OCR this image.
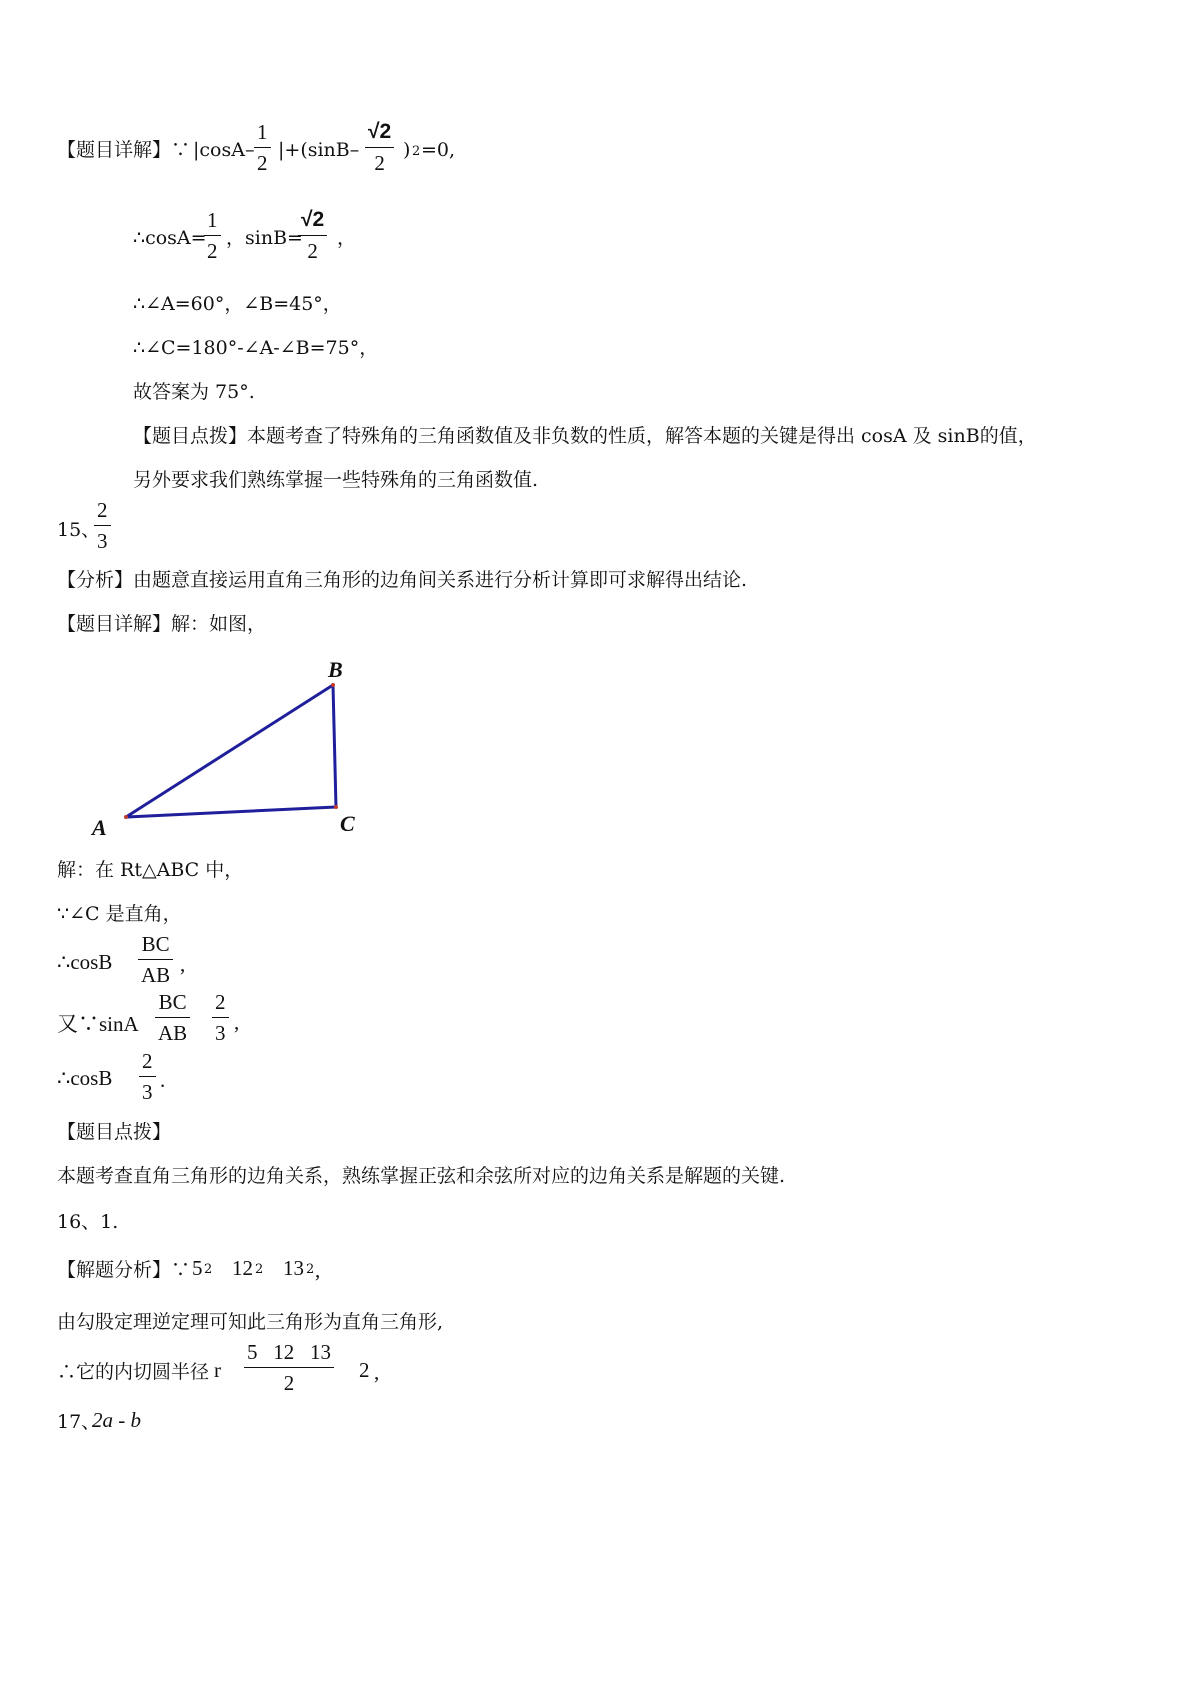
【题目详解】∵ |cosA–
1
2
|+(sinB–
√2
2
) 2 =0,
∴cosA=
1
2
，sinB=
√2
2
，
∴∠A=60°，∠B=45°，
∴∠C=180°-∠A-∠B=75°，
故答案为 75°.
【题目点拨】本题考查了特殊角的三角函数值及非负数的性质，解答本题的关键是得出 cosA 及 sinB的值，
另外要求我们熟练掌握一些特殊角的三角函数值.
15、
2
3
【分析】由题意直接运用直角三角形的边角间关系进行分析计算即可求解得出结论.
【题目详解】解：如图，
A
B
C
解：在 Rt△ABC 中，
∵∠C 是直角，
∴cosB
BC
AB ,
又∵sinA
BC
AB
2
3 ,
∴cosB
2
3 .
【题目点拨】
本题考查直角三角形的边角关系，熟练掌握正弦和余弦所对应的边角关系是解题的关键.
16、1.
【解题分析】∵ 5 2 12 2 13 2 ,
由勾股定理逆定理可知此三角形为直角三角形,
∴它的内切圆半径 r
5   12   13
2
2 ,
17、
2a - b
